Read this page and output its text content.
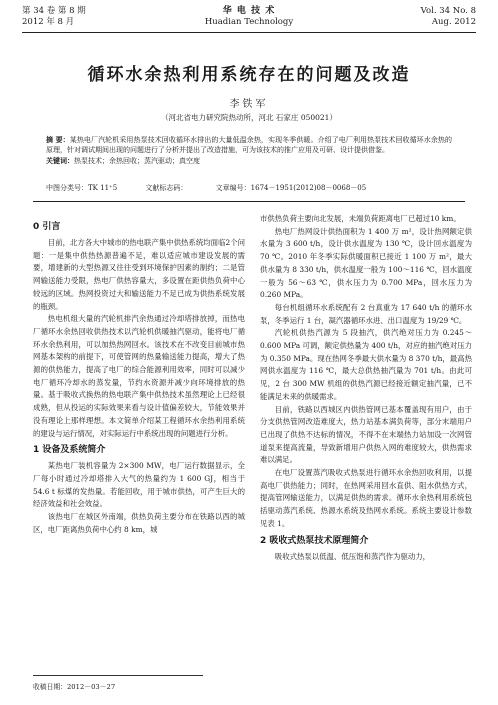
第 34 卷 第 8 期
2012 年 8 月
华 电 技 术
Huadian Technology
Vol. 34 No. 8
Aug. 2012
循环水余热利用系统存在的问题及改造
李铁军
（河北省电力研究院热动所，河北 石家庄 050021）
摘 要：某热电厂汽轮机采用热泵技术回收循环水排出的大量低温余热，实现冬季供暖。介绍了电厂利用热泵技术回收循环水余热的原理，针对调试期间出现的问题进行了分析并提出了改造措施，可为该技术的推广应用及可研、设计提供借鉴。
关键词：热泵技术；余热回收；蒸汽驱动；真空度
中图分类号：TK 11⁺5	文献标志码：	文章编号：1674－1951(2012)08－0068－05
0 引言

目前，北方各大中城市的热电联产集中供热系统均面临2个问题：一是集中供热热源普遍不足，难以适应城市建设发展的需要，增建新的大型热源又往往受到环境保护因素的制约；二是管网输送能力受限，热电厂供热容量大，多设置在距供热负荷中心较远的区域。热网投资过大和输送能力不足已成为供热系统发展的瓶颈。

热电机组大量的汽轮机排汽余热通过冷却塔排放掉，而热电厂循环水余热回收供热技术以汽轮机供暖抽汽驱动，能将电厂循环水余热利用，可以加热热网回水。该技术在不改变目前城市热网基本架构的前提下，可使管网的热量输送能力提高，增大了热源的供热能力，提高了电厂的综合能源利用效率，同时可以减少电厂循环冷却水的蒸发量，节约水资源并减少向环境排放的热量。基于吸收式换热的热电联产集中供热技术虽然理论上已经很成熟，但从投运的实际效果来看与设计值偏差较大，节能效果并没有理论上那样理想。本文简单介绍某工程循环水余热利用系统的建设与运行情况，对实际运行中系统出现的问题进行分析。

1 设备及系统简介

某热电厂装机容量为 2×300 MW，电厂运行数据显示，全厂每小时通过冷却塔排入大气的热量约为 1 600 GJ，相当于 54.6 t 标煤的发热量。若能回收，用于城市供热，可产生巨大的经济效益和社会效益。

该热电厂在城区外南端，供热负荷主要分布在铁路以西的城区，电厂距离热负荷中心约 8 km，城

市供热负荷主要向北发展，未端负荷距离电厂已超过10 km。

热电厂热网设计供热面积为 1 400 万 m²，设计热网额定供水量为 3 600 t/h，设计供水温度为 130 ℃，设计回水温度为 70 ℃。2010 年冬季实际供暖面积已接近 1 100 万 m²，最大供水量为 8 330 t/h，供水温度一般为 100～116 ℃，回水温度一般为 56～63 ℃，供水压力为 0.700 MPa，回水压力为 0.260 MPa。

每台机组循环水系统配有 2 台真重为 17 640 t/h 的循环水泵，冬季运行 1 台，凝汽器循环水进、出口温度为 19/29 ℃。

汽轮机供热汽源为 5 段抽汽，供汽绝对压力为 0.245～0.600 MPa 可调，额定供热量为 400 t/h，对应的抽汽绝对压力为 0.350 MPa。现在热网冬季最大供水量为 8 370 t/h，最高热网供水温度为 116 ℃，最大总供热抽汽量为 701 t/h。由此可见，2 台 300 MW 机组的供热汽源已经接近额定抽汽量，已不能满足未来的供暖需求。

目前，铁路以西城区内供热管网已基本覆盖现有用户，由于分支供热管网改造难度大，热力站基本满负荷等，部分末端用户已出现了供热不达标的情况，不得不在末端热力站加设一次网管道泵来提高流量，导致新增用户供热入网的难度较大，供热需求难以满足。

在电厂设置蒸汽吸收式热泵进行循环水余热回收利用，以提高电厂供热能力；同时，在热网采用回水直供、阻水供热方式，提高管网输送能力，以满足供热的需求。循环水余热利用系统包括驱动蒸汽系统、热源水系统及热网水系统。系统主要设计参数见表 1。

2 吸收式热泵技术原理简介

吸收式热泵以低温、低压饱和蒸汽作为驱动力，

收稿日期：2012－03－27
